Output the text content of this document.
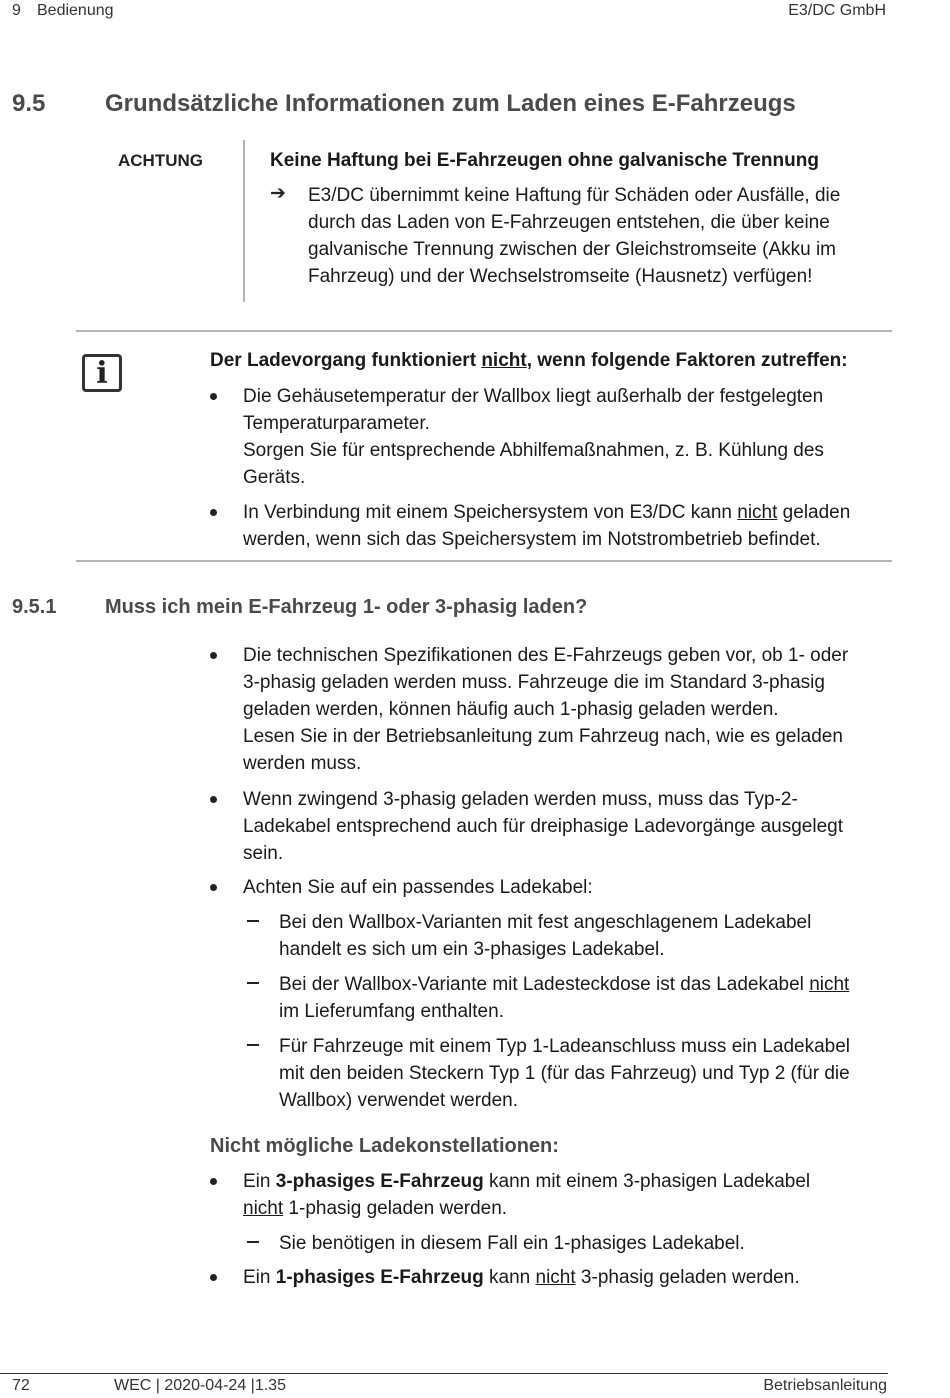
9 Bedienung	E3/DC GmbH
9.5 Grundsätzliche Informationen zum Laden eines E-Fahrzeugs
ACHTUNG	Keine Haftung bei E-Fahrzeugen ohne galvanische Trennung
➔ E3/DC übernimmt keine Haftung für Schäden oder Ausfälle, die
durch das Laden von E-Fahrzeugen entstehen, die über keine
galvanische Trennung zwischen der Gleichstromseite (Akku im
Fahrzeug) und der Wechselstromseite (Hausnetz) verfügen!
i	Der Ladevorgang funktioniert nicht, wenn folgende Faktoren zutreffen:
Die Gehäusetemperatur der Wallbox liegt außerhalb der festgelegten
Temperaturparameter.
Sorgen Sie für entsprechende Abhilfemaßnahmen, z. B. Kühlung des
Geräts.
In Verbindung mit einem Speichersystem von E3/DC kann nicht geladen
werden, wenn sich das Speichersystem im Notstrombetrieb befindet.
9.5.1 Muss ich mein E-Fahrzeug 1- oder 3-phasig laden?
Die technischen Spezifikationen des E-Fahrzeugs geben vor, ob 1- oder
3-phasig geladen werden muss. Fahrzeuge die im Standard 3-phasig
geladen werden, können häufig auch 1-phasig geladen werden.
Lesen Sie in der Betriebsanleitung zum Fahrzeug nach, wie es geladen
werden muss.
Wenn zwingend 3-phasig geladen werden muss, muss das Typ-2-
Ladekabel entsprechend auch für dreiphasige Ladevorgänge ausgelegt
sein.
Achten Sie auf ein passendes Ladekabel:
Bei den Wallbox-Varianten mit fest angeschlagenem Ladekabel
handelt es sich um ein 3-phasiges Ladekabel.
Bei der Wallbox-Variante mit Ladesteckdose ist das Ladekabel nicht
im Lieferumfang enthalten.
Für Fahrzeuge mit einem Typ 1-Ladeanschluss muss ein Ladekabel
mit den beiden Steckern Typ 1 (für das Fahrzeug) und Typ 2 (für die
Wallbox) verwendet werden.
Nicht mögliche Ladekonstellationen:
Ein 3-phasiges E-Fahrzeug kann mit einem 3-phasigen Ladekabel
nicht 1-phasig geladen werden.
Sie benötigen in diesem Fall ein 1-phasiges Ladekabel.
Ein 1-phasiges E-Fahrzeug kann nicht 3-phasig geladen werden.
72	WEC | 2020-04-24 |1.35	Betriebsanleitung
